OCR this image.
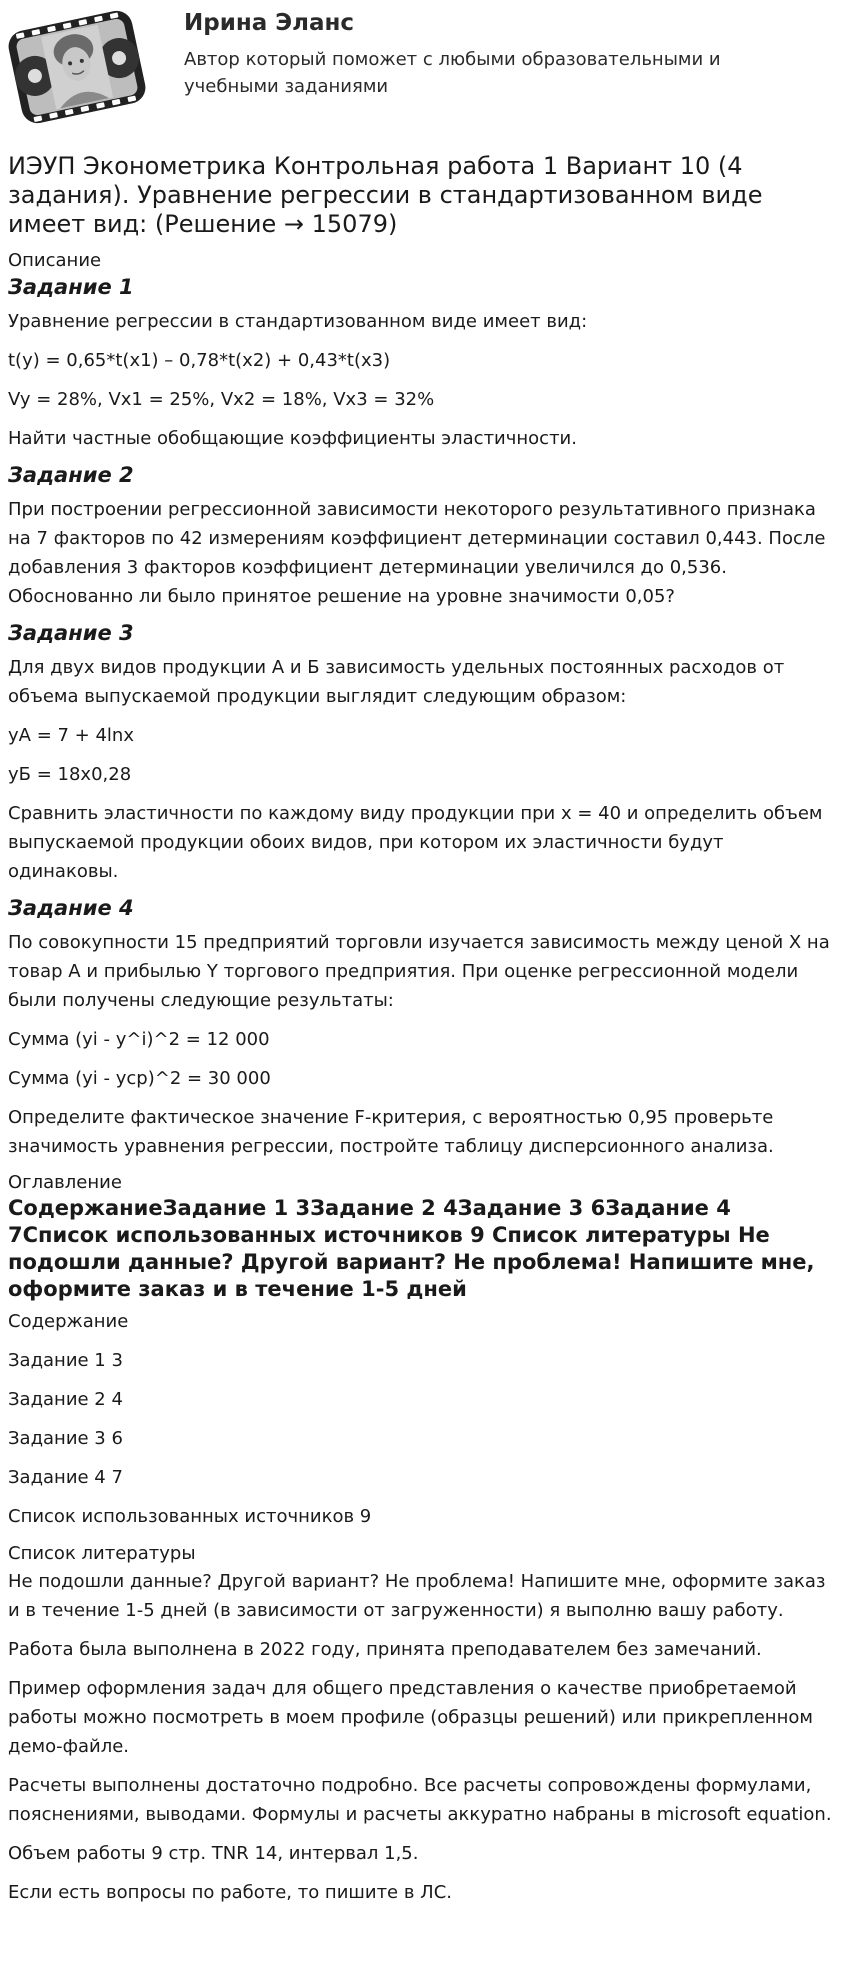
Ирина Эланс
Автор который поможет с любыми образовательными и учебными заданиями
ИЭУП Эконометрика Контрольная работа 1 Вариант 10 (4 задания). Уравнение регрессии в стандартизованном виде имеет вид: (Решение → 15079)
Описание
Задание 1

Уравнение регрессии в стандартизованном виде имеет вид:

t(y) = 0,65*t(x1) – 0,78*t(x2) + 0,43*t(x3)

Vy = 28%, Vx1 = 25%, Vx2 = 18%, Vx3 = 32%

Найти частные обобщающие коэффициенты эластичности.

Задание 2

При построении регрессионной зависимости некоторого результативного признака на 7 факторов по 42 измерениям коэффициент детерминации составил 0,443. После добавления 3 факторов коэффициент детерминации увеличился до 0,536. Обоснованно ли было принятое решение на уровне значимости 0,05?

Задание 3

Для двух видов продукции А и Б зависимость удельных постоянных расходов от объема выпускаемой продукции выглядит следующим образом:

yA = 7 + 4lnx

yБ = 18x0,28

Сравнить эластичности по каждому виду продукции при х = 40 и определить объем выпускаемой продукции обоих видов, при котором их эластичности будут одинаковы.

Задание 4

По совокупности 15 предприятий торговли изучается зависимость между ценой X на товар А и прибылью Y торгового предприятия. При оценке регрессионной модели были получены следующие результаты:

Сумма (yi - y^i)^2 = 12 000

Сумма (yi - yср)^2 = 30 000

Определите фактическое значение F-критерия, с вероятностью 0,95 проверьте значимость уравнения регрессии, постройте таблицу дисперсионного анализа.

Оглавление
СодержаниеЗадание 1 3Задание 2 4Задание 3 6Задание 4 7Список использованных источников 9 Список литературы Не подошли данные? Другой вариант? Не проблема! Напишите мне, оформите заказ и в течение 1-5 дней

Содержание

Задание 1 3

Задание 2 4

Задание 3 6

Задание 4 7

Список использованных источников 9

Список литературы

Не подошли данные? Другой вариант? Не проблема! Напишите мне, оформите заказ и в течение 1-5 дней (в зависимости от загруженности) я выполню вашу работу.

Работа была выполнена в 2022 году, принята преподавателем без замечаний.

Пример оформления задач для общего представления о качестве приобретаемой работы можно посмотреть в моем профиле (образцы решений) или прикрепленном демо-файле.

Расчеты выполнены достаточно подробно. Все расчеты сопровождены формулами, пояснениями, выводами. Формулы и расчеты аккуратно набраны в microsoft equation.

Объем работы 9 стр. TNR 14, интервал 1,5.

Если есть вопросы по работе, то пишите в ЛС.
